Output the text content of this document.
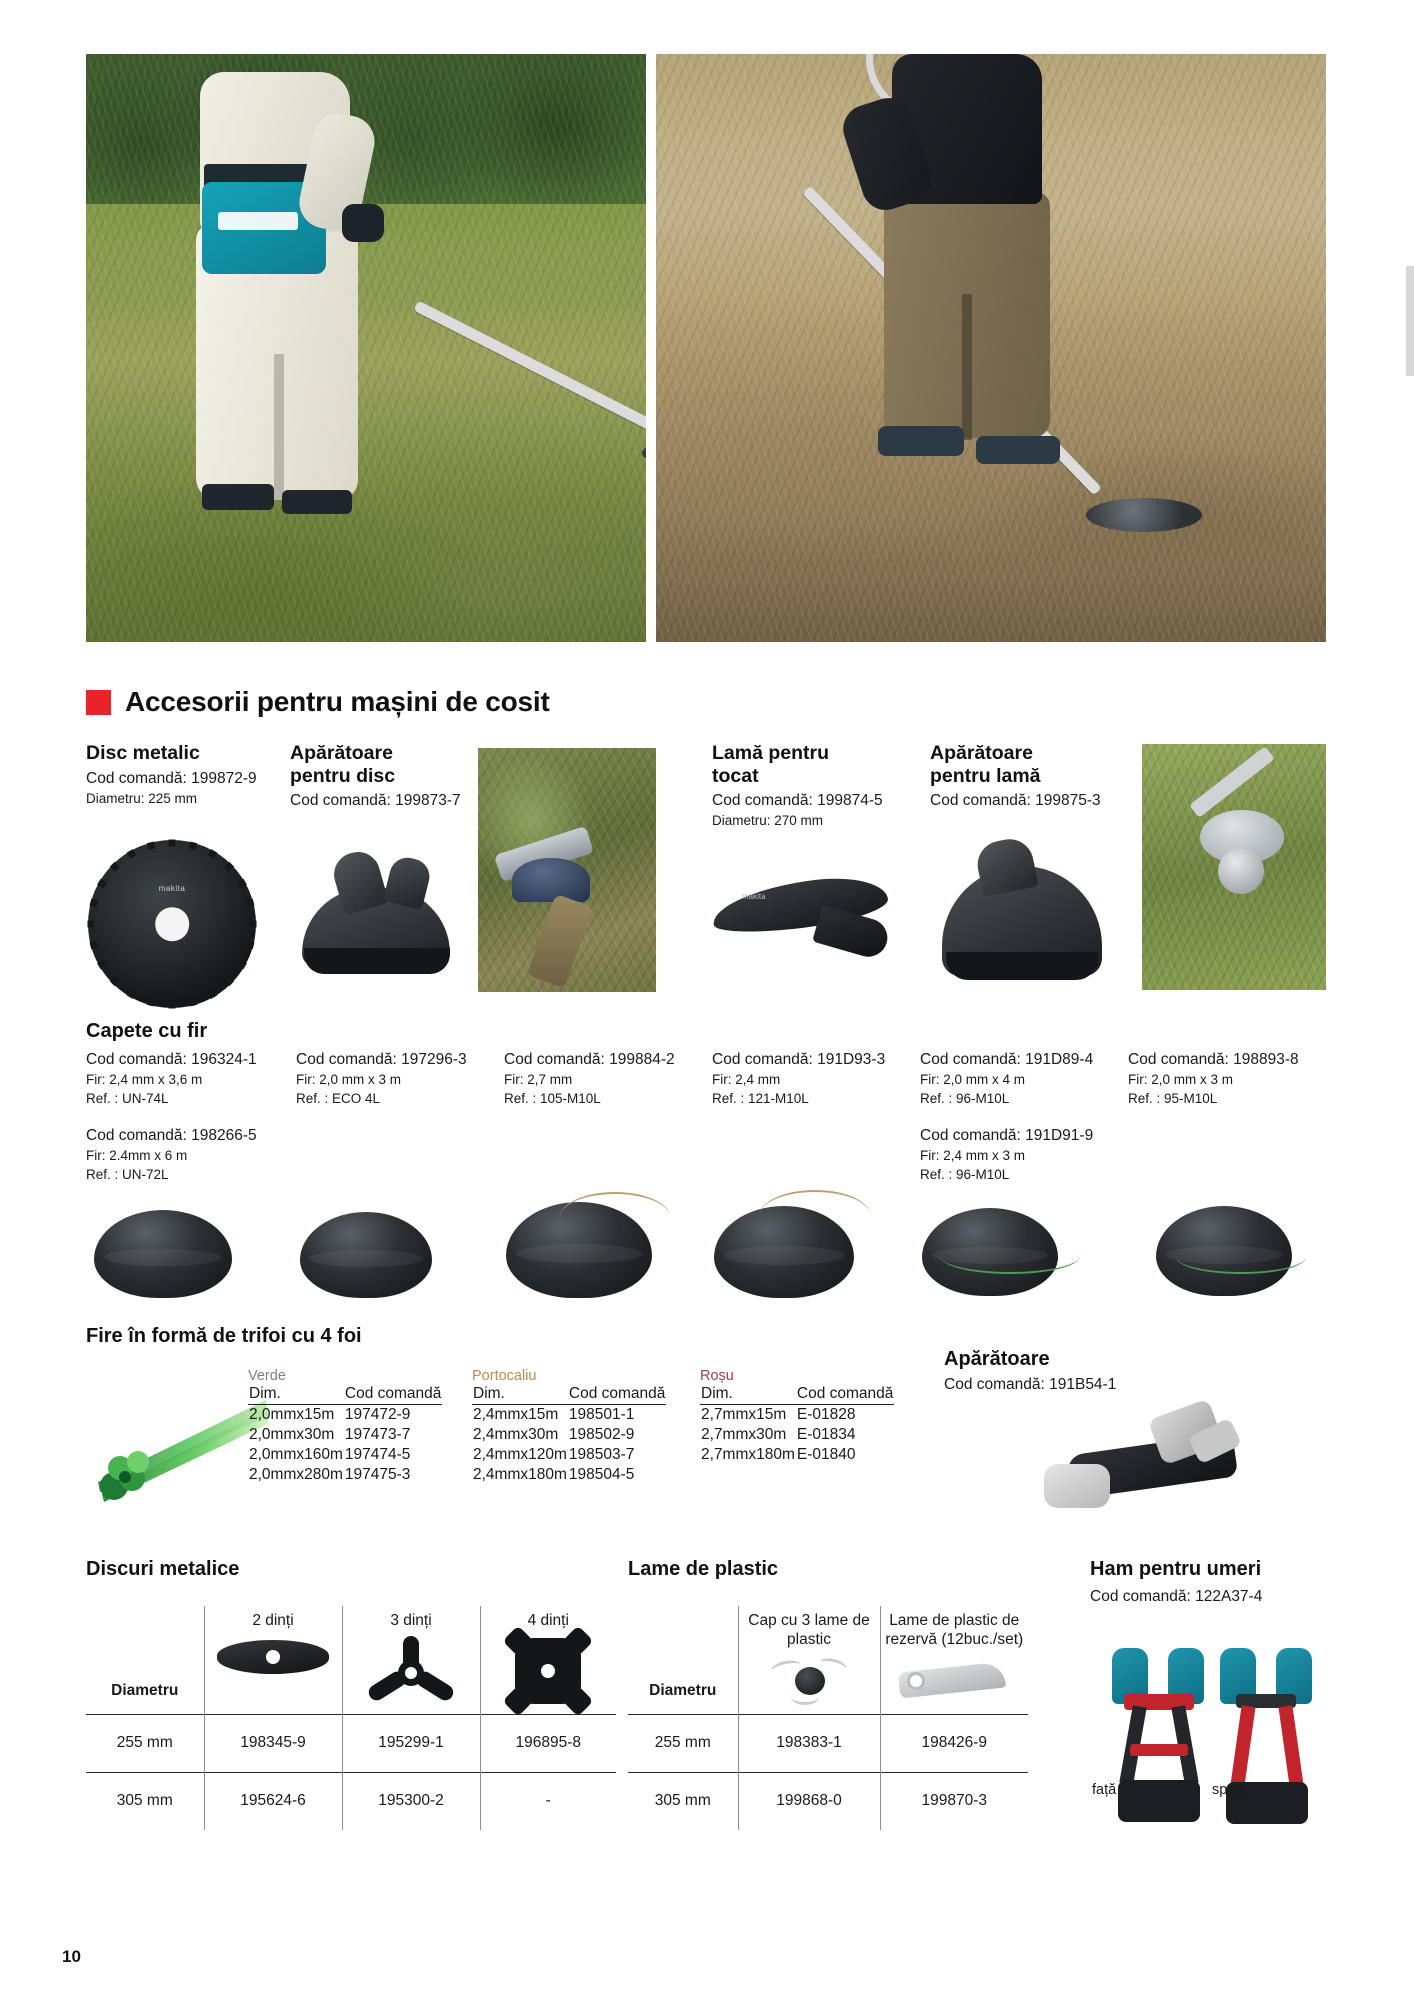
Accesorii pentru mașini de cosit
Disc metalic
Cod comandă: 199872-9
Diametru: 225 mm
makita
Apărătoare
pentru disc
Cod comandă: 199873-7
Lamă pentru
tocat
Cod comandă: 199874-5
Diametru: 270 mm
makita
Apărătoare
pentru lamă
Cod comandă: 199875-3
Capete cu fir
Cod comandă: 196324-1
Fir: 2,4 mm x 3,6 m
Ref. : UN-74L
Cod comandă: 197296-3
Fir: 2,0 mm x 3 m
Ref. : ECO 4L
Cod comandă: 199884-2
Fir: 2,7 mm
Ref. : 105-M10L
Cod comandă: 191D93-3
Fir: 2,4 mm
Ref. : 121-M10L
Cod comandă: 191D89-4
Fir: 2,0 mm x 4 m
Ref. : 96-M10L
Cod comandă: 198893-8
Fir: 2,0 mm x 3 m
Ref. : 95-M10L
Cod comandă: 198266-5
Fir: 2.4mm x 6 m
Ref. : UN-72L
Cod comandă: 191D91-9
Fir: 2,4 mm x 3 m
Ref. : 96-M10L
Fire în formă de trifoi cu 4 foi
Verde
Dim.	Cod comandă
2,0mmx15m	197472-9
2,0mmx30m	197473-7
2,0mmx160m	197474-5
2,0mmx280m	197475-3
Portocaliu
Dim.	Cod comandă
2,4mmx15m	198501-1
2,4mmx30m	198502-9
2,4mmx120m	198503-7
2,4mmx180m	198504-5
Roșu
Dim.	Cod comandă
2,7mmx15m	E-01828
2,7mmx30m	E-01834
2,7mmx180m	E-01840
Apărătoare
Cod comandă: 191B54-1
Discuri metalice
Diametru	2 dinți	3 dinți	4 dinți

255 mm	198345-9	195299-1	196895-8
305 mm	195624-6	195300-2	-
Lame de plastic
Diametru	Cap cu 3 lame de plastic	Lame de plastic de rezervă (12buc./set)

255 mm	198383-1	198426-9
305 mm	199868-0	199870-3
Ham pentru umeri
Cod comandă: 122A37-4
față	spate
10
